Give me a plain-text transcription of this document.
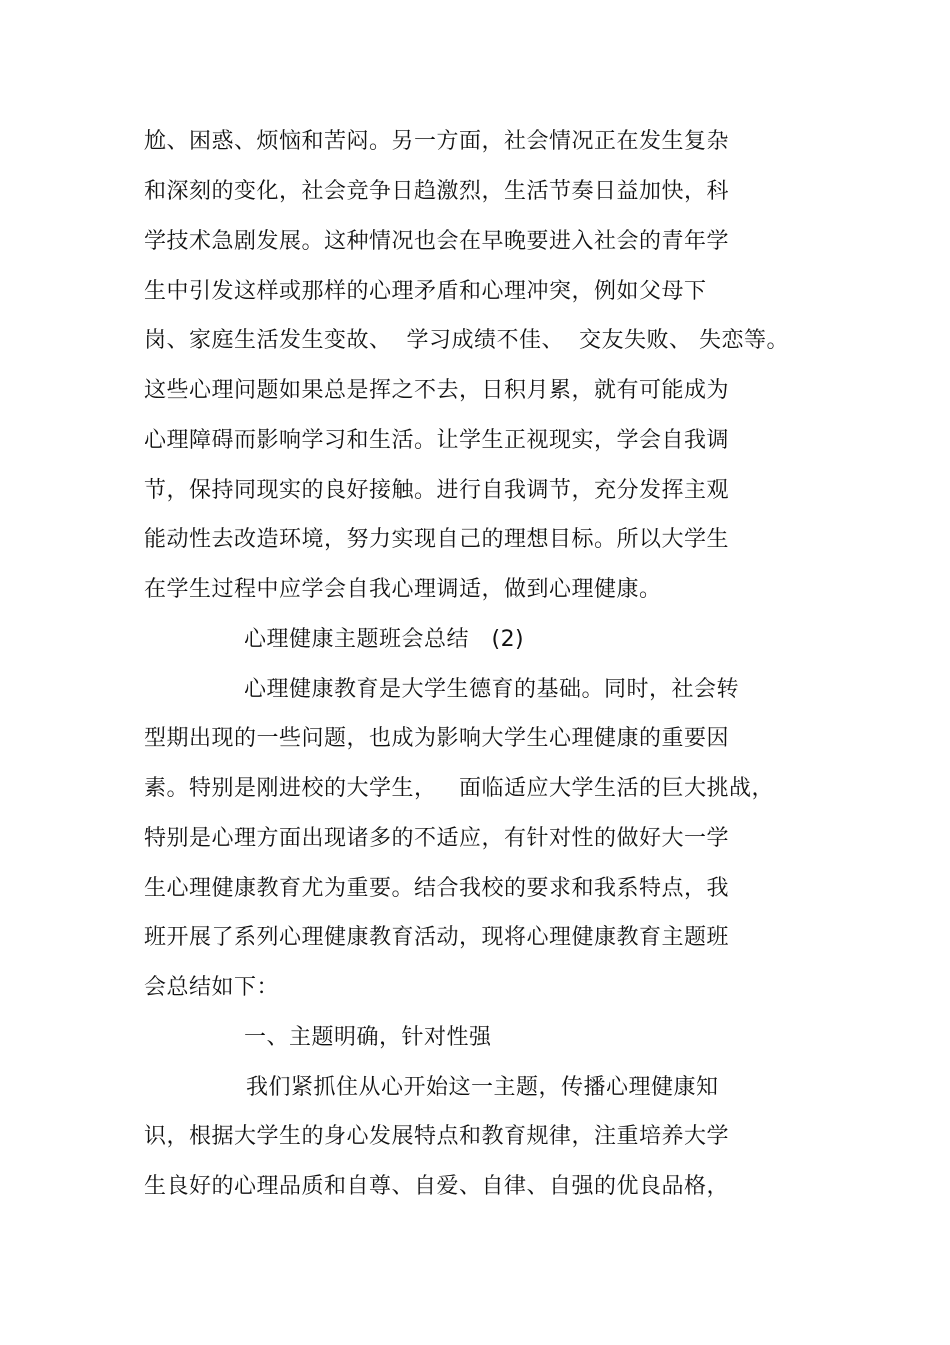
尬、困惑、烦恼和苦闷。另一方面，社会情况正在发生复杂
和深刻的变化，社会竞争日趋激烈，生活节奏日益加快，科
学技术急剧发展。这种情况也会在早晚要进入社会的青年学
生中引发这样或那样的心理矛盾和心理冲突，例如父母下
岗、家庭生活发生变故、  学习成绩不佳、  交友失败、 失恋等。
这些心理问题如果总是挥之不去，日积月累，就有可能成为
心理障碍而影响学习和生活。让学生正视现实，学会自我调
节，保持同现实的良好接触。进行自我调节，充分发挥主观
能动性去改造环境，努力实现自己的理想目标。所以大学生
在学生过程中应学会自我心理调适，做到心理健康。
心理健康主题班会总结   (2)
心理健康教育是大学生德育的基础。同时，社会转
型期出现的一些问题，也成为影响大学生心理健康的重要因
素。特别是刚进校的大学生，   面临适应大学生活的巨大挑战，
特别是心理方面出现诸多的不适应，有针对性的做好大一学
生心理健康教育尤为重要。结合我校的要求和我系特点，我
班开展了系列心理健康教育活动，现将心理健康教育主题班
会总结如下：
一、主题明确，针对性强
我们紧抓住从心开始这一主题，传播心理健康知
识，根据大学生的身心发展特点和教育规律，注重培养大学
生良好的心理品质和自尊、自爱、自律、自强的优良品格，
